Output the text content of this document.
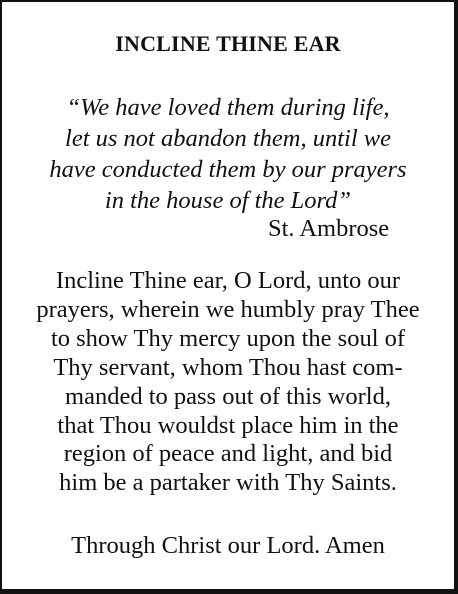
INCLINE THINE EAR
“We have loved them during life,
let us not abandon them, until we
have conducted them by our prayers
in the house of the Lord”
St. Ambrose
Incline Thine ear, O Lord, unto our
prayers, wherein we humbly pray Thee
to show Thy mercy upon the soul of
Thy servant, whom Thou hast com-
manded to pass out of this world,
that Thou wouldst place him in the
region of peace and light, and bid
him be a partaker with Thy Saints.
Through Christ our Lord. Amen
